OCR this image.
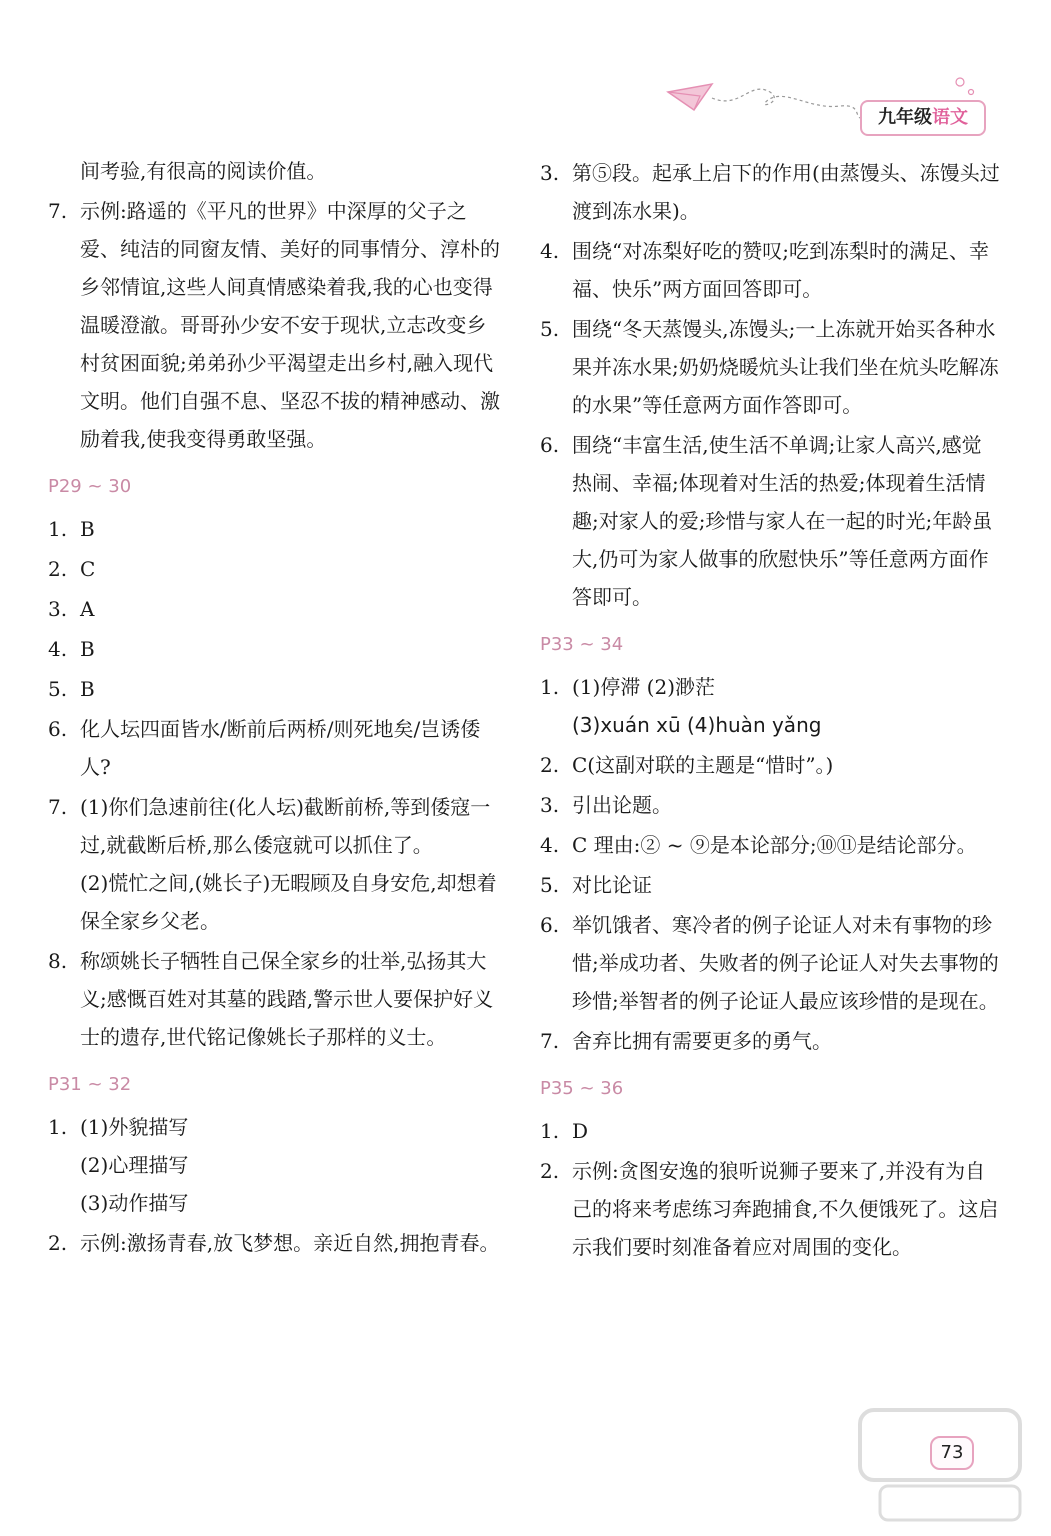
九年级语文
间考验,有很高的阅读价值。
7. 示例:路遥的《平凡的世界》中深厚的父子之爱、纯洁的同窗友情、美好的同事情分、淳朴的乡邻情谊,这些人间真情感染着我,我的心也变得温暖澄澈。哥哥孙少安不安于现状,立志改变乡村贫困面貌;弟弟孙少平渴望走出乡村,融入现代文明。他们自强不息、坚忍不拔的精神感动、激励着我,使我变得勇敢坚强。
P29 ~ 30
1. B
2. C
3. A
4. B
5. B
6. 化人坛四面皆水/断前后两桥/则死地矣/岂诱倭人?
7. (1)你们急速前往(化人坛)截断前桥,等到倭寇一过,就截断后桥,那么倭寇就可以抓住了。
(2)慌忙之间,(姚长子)无暇顾及自身安危,却想着保全家乡父老。
8. 称颂姚长子牺牲自己保全家乡的壮举,弘扬其大义;感慨百姓对其墓的践踏,警示世人要保护好义士的遗存,世代铭记像姚长子那样的义士。
P31 ~ 32
1. (1)外貌描写
(2)心理描写
(3)动作描写
2. 示例:激扬青春,放飞梦想。亲近自然,拥抱青春。
3. 第⑤段。起承上启下的作用(由蒸馒头、冻馒头过渡到冻水果)。
4. 围绕“对冻梨好吃的赞叹;吃到冻梨时的满足、幸福、快乐”两方面回答即可。
5. 围绕“冬天蒸馒头,冻馒头;一上冻就开始买各种水果并冻水果;奶奶烧暖炕头让我们坐在炕头吃解冻的水果”等任意两方面作答即可。
6. 围绕“丰富生活,使生活不单调;让家人高兴,感觉热闹、幸福;体现着对生活的热爱;体现着生活情趣;对家人的爱;珍惜与家人在一起的时光;年龄虽大,仍可为家人做事的欣慰快乐”等任意两方面作答即可。
P33 ~ 34
1. (1)停滞 (2)渺茫
(3)xuán xū (4)huàn yǎng
2. C(这副对联的主题是“惜时”。)
3. 引出论题。
4. C 理由:② ~ ⑨是本论部分;⑩⑪是结论部分。
5. 对比论证
6. 举饥饿者、寒冷者的例子论证人对未有事物的珍惜;举成功者、失败者的例子论证人对失去事物的珍惜;举智者的例子论证人最应该珍惜的是现在。
7. 舍弃比拥有需要更多的勇气。
P35 ~ 36
1. D
2. 示例:贪图安逸的狼听说狮子要来了,并没有为自己的将来考虑练习奔跑捕食,不久便饿死了。这启示我们要时刻准备着应对周围的变化。
73
